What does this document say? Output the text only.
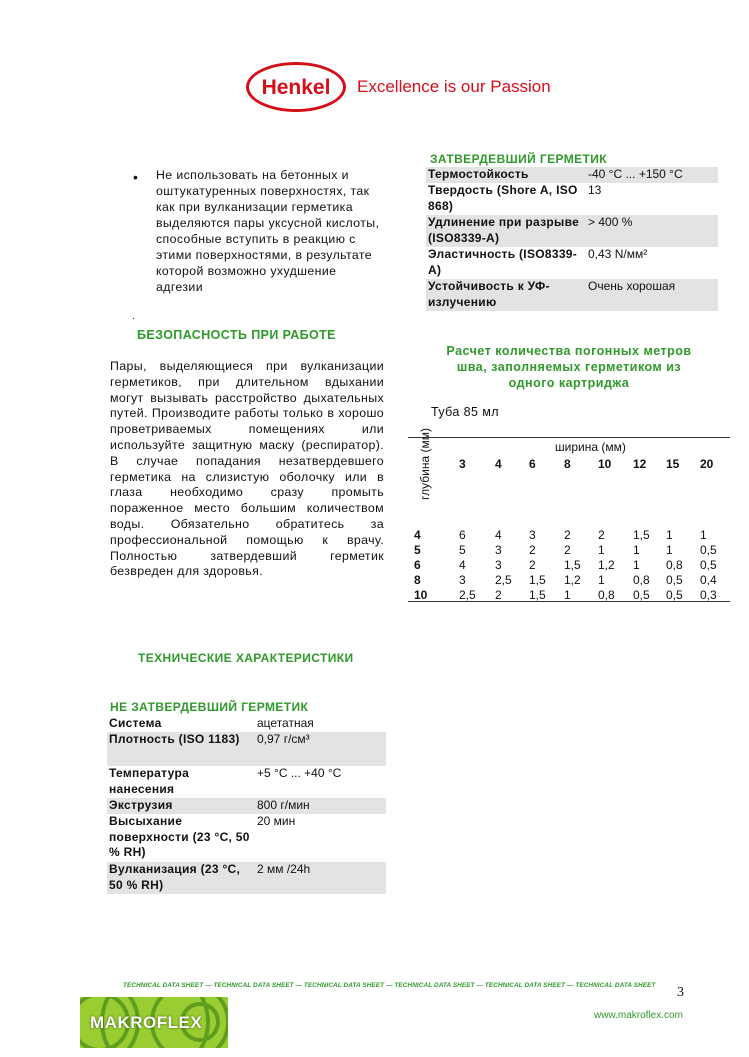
Henkel	Excellence is our Passion
• Не использовать на бетонных и оштукатуренных поверхностях, так как при вулканизации герметика выделяются пары уксусной кислоты, способные вступить в реакцию с этими поверхностями, в результате которой возможно ухудшение адгезии
.
БЕЗОПАСНОСТЬ ПРИ РАБОТЕ
Пары, выделяющиеся при вулканизации герметиков, при длительном вдыхании могут вызывать расстройство дыхательных путей. Производите работы только в хорошо проветриваемых помещениях или используйте защитную маску (респиратор). В случае попадания незатвердевшего герметика на слизистую оболочку или в глаза необходимо сразу промыть пораженное место большим количеством воды. Обязательно обратитесь за профессиональной помощью к врачу. Полностью затвердевший герметик безвреден для здоровья.
ТЕХНИЧЕСКИЕ ХАРАКТЕРИСТИКИ
НЕ ЗАТВЕРДЕВШИЙ ГЕРМЕТИК
Система	ацетатная
Плотность (ISO 1183)	0,97 г/см³
Температура нанесения	+5 °C ... +40 °C
Экструзия	800 г/мин
Высыхание поверхности (23 °C, 50 % RH)	20 мин
Вулканизация (23 °C, 50 % RH)	2 мм /24h
ЗАТВЕРДЕВШИЙ ГЕРМЕТИК
Термостойкость	-40 °C ... +150 °C
Твердость (Shore A, ISO 868)	13
Удлинение при разрыве (ISO8339-A)	> 400 %
Эластичность (ISO8339-A)	0,43 N/мм²
Устойчивость к УФ-излучению	Очень хорошая
Расчет количества погонных метров шва, заполняемых герметиком из одного картриджа
Туба 85 мл
ширина (мм)
глубина (мм) 3 4 6 8 10 12 15 20
4	6 4 3 2 2 1,5 1 1
5	5 3 2 2 1 1 1 0,5
6	4 3 2 1,5 1,2 1 0,8 0,5
8	3 2,5 1,5 1,2 1 0,8 0,5 0,4
10	2,5 2 1,5 1 0,8 0,5 0,5 0,3
TECHNICAL DATA SHEET — TECHNICAL DATA SHEET — TECHNICAL DATA SHEET — TECHNICAL DATA SHEET — TECHNICAL DATA SHEET — TECHNICAL DATA SHEET 3
MAKROFLEX	www.makroflex.com
